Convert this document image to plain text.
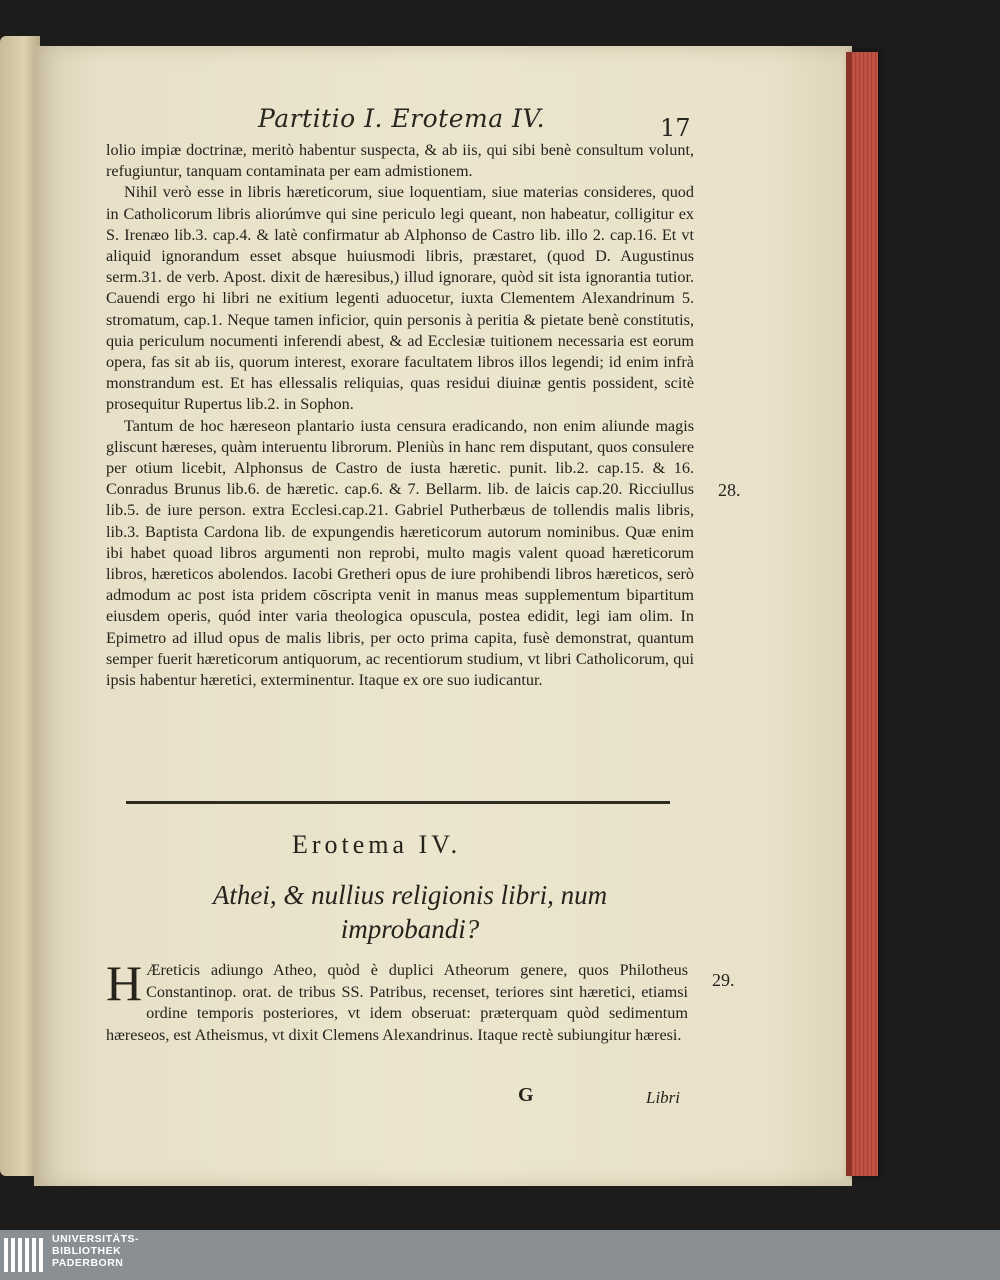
Partitio I. Erotema IV.	17

lolio impiæ doctrinæ, meritò habentur suspecta, & ab iis, qui sibi benè consultum volunt, refugiuntur, tanquam contaminata per eam admistionem.

Nihil verò esse in libris hæreticorum, siue loquentiam, siue materias consideres, quod in Catholicorum libris aliorúmve qui sine periculo legi queant, non habeatur, colligitur ex S. Irenæo lib.3. cap.4. & latè confirmatur ab Alphonso de Castro lib. illo 2. cap.16. Et vt aliquid ignorandum esset absque huiusmodi libris, præstaret, (quod D. Augustinus serm.31. de verb. Apost. dixit de hæresibus,) illud ignorare, quòd sit ista ignorantia tutior. Cauendi ergo hi libri ne exitium legenti aduocetur, iuxta Clementem Alexandrinum 5. stromatum, cap.1. Neque tamen inficior, quin personis à peritia & pietate benè constitutis, quia periculum nocumenti inferendi abest, & ad Ecclesiæ tuitionem necessaria est eorum opera, fas sit ab iis, quorum interest, exorare facultatem libros illos legendi; id enim infrà monstrandum est. Et has ellessalis reliquias, quas residui diuinæ gentis possident, scitè prosequitur Rupertus lib.2. in Sophon.

Tantum de hoc hæreseon plantario iusta censura eradicando, non enim aliunde magis gliscunt hæreses, quàm interuentu librorum. Pleniùs in hanc rem disputant, quos consulere per otium licebit, Alphonsus de Castro de iusta hæretic. punit. lib.2. cap.15. & 16. Conradus Brunus lib.6. de hæretic. cap.6. & 7. Bellarm. lib. de laicis cap.20. Ricciullus lib.5. de iure person. extra Ecclesi.cap.21. Gabriel Putherbæus de tollendis malis libris, lib.3. Baptista Cardona lib. de expungendis hæreticorum autorum nominibus. Quæ enim ibi habet quoad libros argumenti non reprobi, multo magis valent quoad hæreticorum libros, hæreticos abolendos. Iacobi Gretheri opus de iure prohibendi libros hæreticos, serò admodum ac post ista pridem cōscripta venit in manus meas supplementum bipartitum eiusdem operis, quód inter varia theologica opuscula, postea edidit, legi iam olim. In Epimetro ad illud opus de malis libris, per octo prima capita, fusè demonstrat, quantum semper fuerit hæreticorum antiquorum, ac recentiorum studium, vt libri Catholicorum, qui ipsis habentur hæretici, exterminentur. Itaque ex ore suo iudicantur.

28.
Erotema IV.
Athei, & nullius religionis libri, num improbandi?
H Æreticis adiungo Atheo, quòd è duplici Atheorum genere, quos Philotheus Constantinop. orat. de tribus SS. Patribus, recenset, teriores sint hæretici, etiamsi ordine temporis posteriores, vt idem obseruat: præterquam quòd sedimentum hæreseos, est Atheismus, vt dixit Clemens Alexandrinus. Itaque rectè subiungitur hæresi.
29.
G	Libri
UNIVERSITÄTS-
BIBLIOTHEK
PADERBORN
